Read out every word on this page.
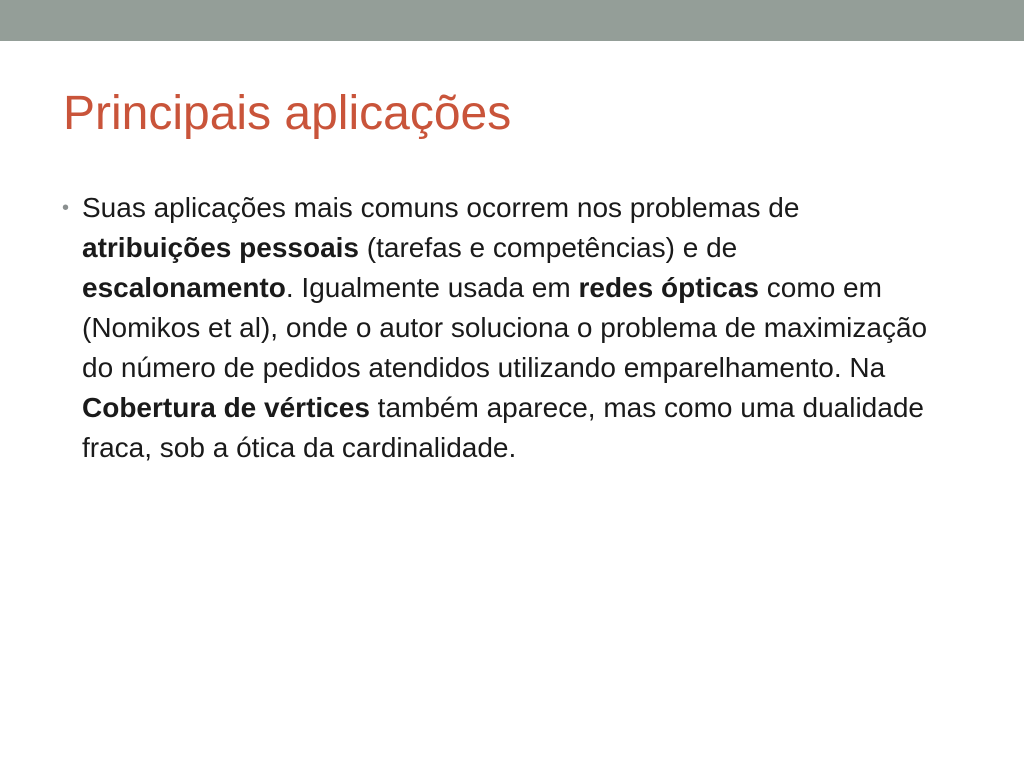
Principais aplicações
• Suas aplicações mais comuns ocorrem nos problemas de atribuições pessoais (tarefas e competências) e de escalonamento. Igualmente usada em redes ópticas como em (Nomikos et al), onde o autor soluciona o problema de maximização do número de pedidos atendidos utilizando emparelhamento. Na Cobertura de vértices também aparece, mas como uma dualidade fraca, sob a ótica da cardinalidade.
